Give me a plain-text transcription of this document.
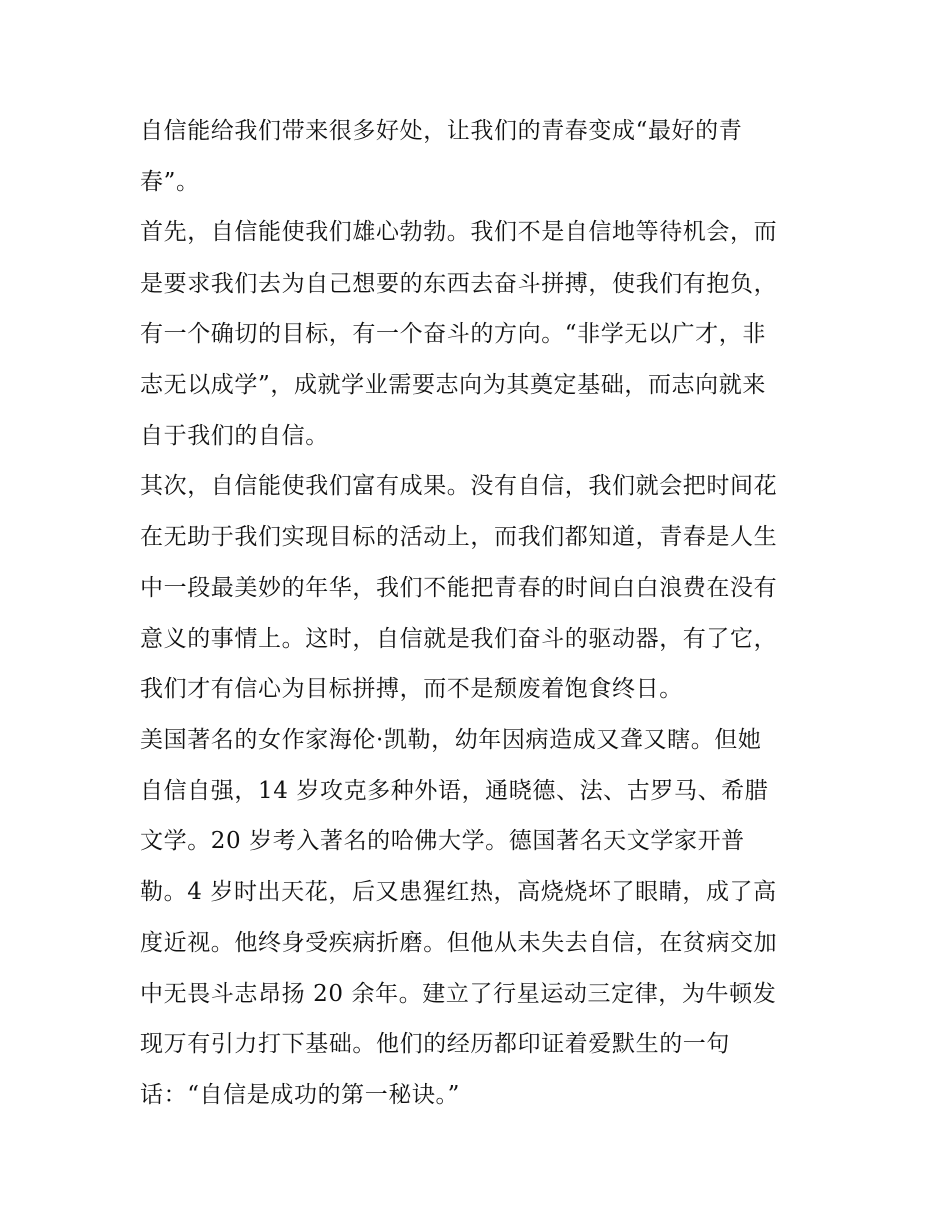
自信能给我们带来很多好处，让我们的青春变成“最好的青
春”。
首先，自信能使我们雄心勃勃。我们不是自信地等待机会，而
是要求我们去为自己想要的东西去奋斗拼搏，使我们有抱负，
有一个确切的目标，有一个奋斗的方向。“非学无以广才，非
志无以成学”，成就学业需要志向为其奠定基础，而志向就来
自于我们的自信。
其次，自信能使我们富有成果。没有自信，我们就会把时间花
在无助于我们实现目标的活动上，而我们都知道，青春是人生
中一段最美妙的年华，我们不能把青春的时间白白浪费在没有
意义的事情上。这时，自信就是我们奋斗的驱动器，有了它，
我们才有信心为目标拼搏，而不是颓废着饱食终日。
美国著名的女作家海伦·凯勒，幼年因病造成又聋又瞎。但她
自信自强，14 岁攻克多种外语，通晓德、法、古罗马、希腊
文学。20 岁考入著名的哈佛大学。德国著名天文学家开普
勒。4 岁时出天花，后又患猩红热，高烧烧坏了眼睛，成了高
度近视。他终身受疾病折磨。但他从未失去自信，在贫病交加
中无畏斗志昂扬 20 余年。建立了行星运动三定律，为牛顿发
现万有引力打下基础。他们的经历都印证着爱默生的一句
话：“自信是成功的第一秘诀。”
